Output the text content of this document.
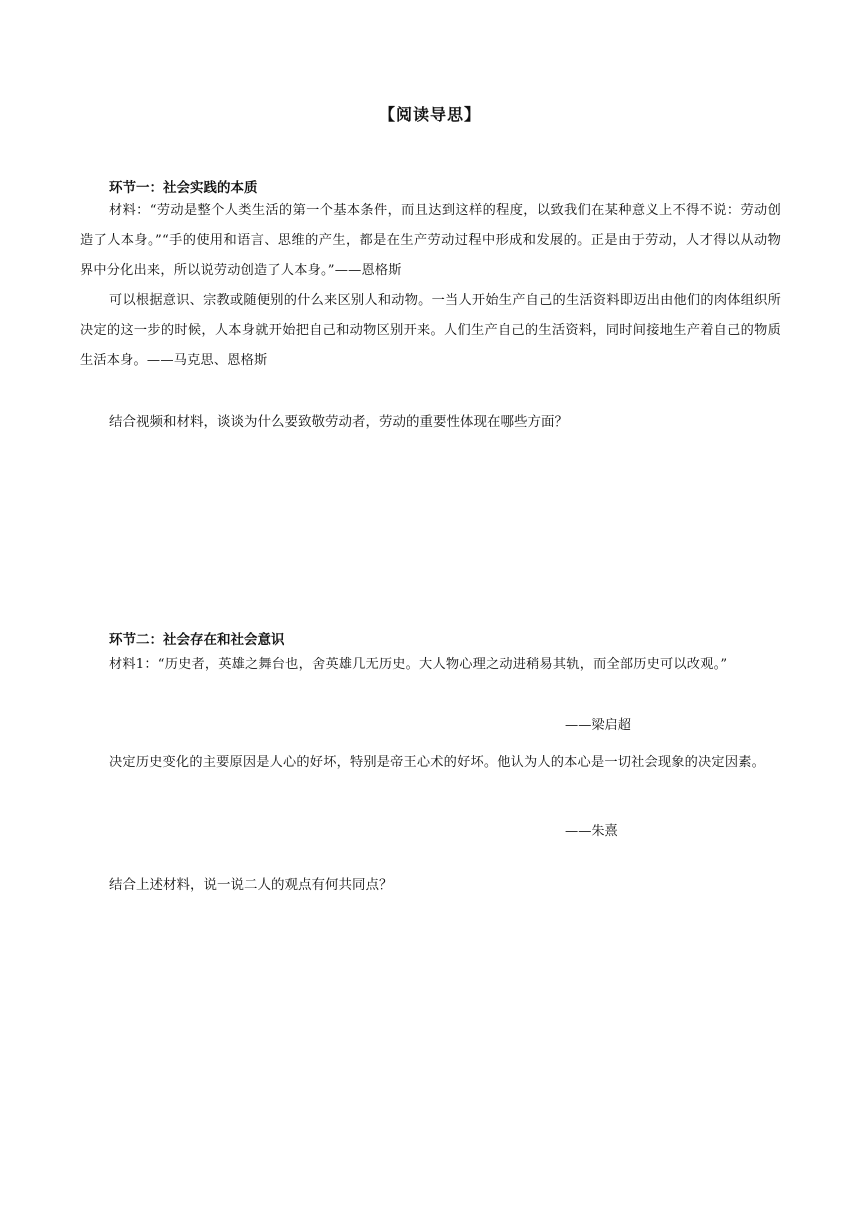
【阅读导思】
环节一：社会实践的本质
材料：“劳动是整个人类生活的第一个基本条件，而且达到这样的程度，以致我们在某种意义上不得不说：劳动创造了人本身。”“手的使用和语言、思维的产生，都是在生产劳动过程中形成和发展的。正是由于劳动，人才得以从动物界中分化出来，所以说劳动创造了人本身。”——恩格斯
可以根据意识、宗教或随便别的什么来区别人和动物。一当人开始生产自己的生活资料即迈出由他们的肉体组织所决定的这一步的时候，人本身就开始把自己和动物区别开来。人们生产自己的生活资料，同时间接地生产着自己的物质生活本身。——马克思、恩格斯
结合视频和材料，谈谈为什么要致敬劳动者，劳动的重要性体现在哪些方面？
环节二：社会存在和社会意识
材料1：“历史者，英雄之舞台也，舍英雄几无历史。大人物心理之动进稍易其轨，而全部历史可以改观。”
——梁启超
决定历史变化的主要原因是人心的好坏，特别是帝王心术的好坏。他认为人的本心是一切社会现象的决定因素。
——朱熹
结合上述材料，说一说二人的观点有何共同点？
